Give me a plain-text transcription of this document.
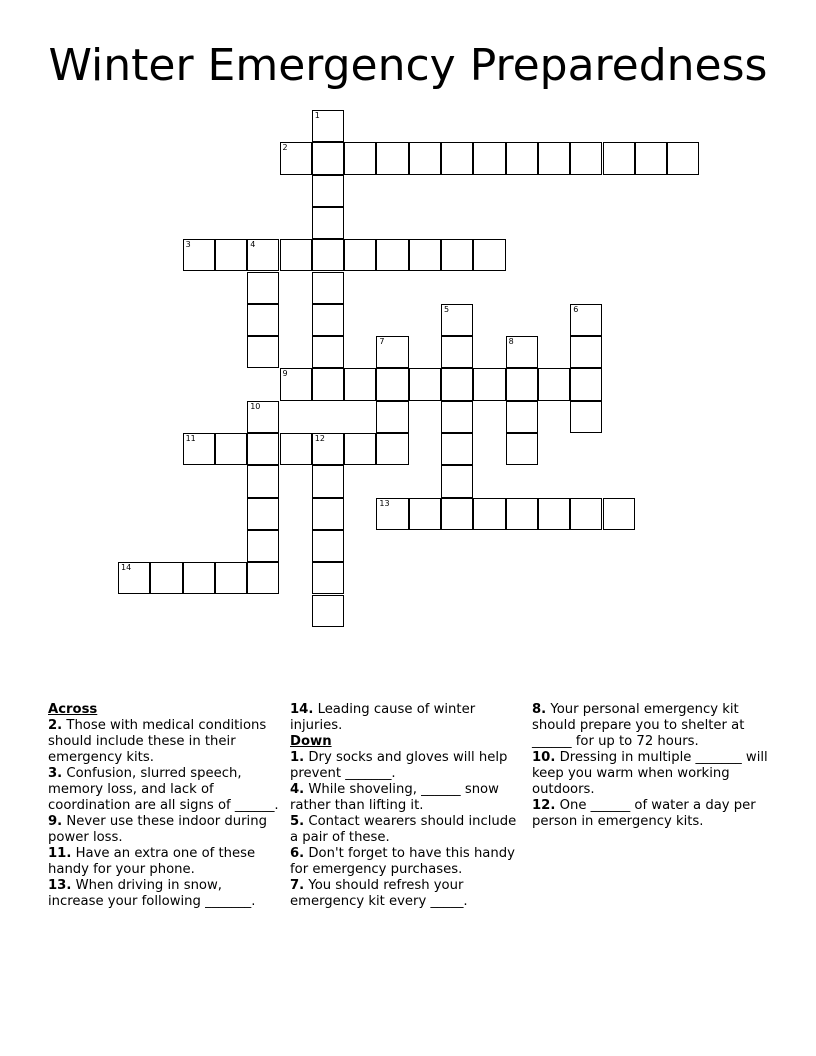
Winter Emergency Preparedness
1
2
3	4
5	6
7	8
9
10
11	12
13
14

Across

2. Those with medical conditions should include these in their emergency kits.

3. Confusion, slurred speech, memory loss, and lack of coordination are all signs of ______.

9. Never use these indoor during power loss.

11. Have an extra one of these handy for your phone.

13. When driving in snow, increase your following _______.

14. Leading cause of winter injuries.

Down

1. Dry socks and gloves will help prevent _______.

4. While shoveling, ______ snow rather than lifting it.

5. Contact wearers should include a pair of these.

6. Don't forget to have this handy for emergency purchases.

7. You should refresh your emergency kit every _____.

8. Your personal emergency kit should prepare you to shelter at ______ for up to 72 hours.

10. Dressing in multiple _______ will keep you warm when working outdoors.

12. One ______ of water a day per person in emergency kits.
